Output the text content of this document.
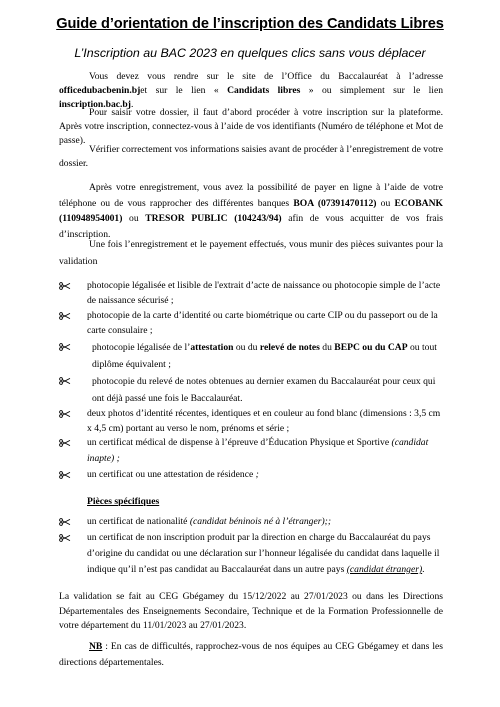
Guide d’orientation de l’inscription des Candidats Libres
L’Inscription au BAC 2023 en quelques clics sans vous déplacer
Vous devez vous rendre sur le site de l’Office du Baccalauréat à l’adresse officedubacbenin.bjet sur le lien « Candidats libres » ou simplement sur le lien inscription.bac.bj.
Pour saisir votre dossier, il faut d’abord procéder à votre inscription sur la plateforme. Après votre inscription, connectez-vous à l’aide de vos identifiants (Numéro de téléphone et Mot de passe).
Vérifier correctement vos informations saisies avant de procéder à l’enregistrement de votre dossier.
Après votre enregistrement, vous avez la possibilité de payer en ligne à l’aide de votre téléphone ou de vous rapprocher des différentes banques BOA (07391470112) ou ECOBANK (110948954001) ou TRESOR PUBLIC (104243/94) afin de vous acquitter de vos frais d’inscription.
Une fois l’enregistrement et le payement effectués, vous munir des pièces suivantes pour la validation
photocopie légalisée et lisible de l'extrait d’acte de naissance ou photocopie simple de l’acte de naissance sécurisé ;
photocopie de la carte d’identité ou carte biométrique ou carte CIP ou du passeport ou de la carte consulaire ;
photocopie légalisée de l’attestation ou du relevé de notes du BEPC ou du CAP ou tout diplôme équivalent ;
photocopie du relevé de notes obtenues au dernier examen du Baccalauréat pour ceux qui ont déjà passé une fois le Baccalauréat.
deux photos d’identité récentes, identiques et en couleur au fond blanc (dimensions : 3,5 cm x 4,5 cm) portant au verso le nom, prénoms et série ;
un certificat médical de dispense à l’épreuve d’Éducation Physique et Sportive (candidat inapte) ;
un certificat ou une attestation de résidence ;
Pièces spécifiques
un certificat de nationalité (candidat béninois né à l’étranger);;
un certificat de non inscription produit par la direction en charge du Baccalauréat du pays d’origine du candidat ou une déclaration sur l’honneur légalisée du candidat dans laquelle il indique qu’il n’est pas candidat au Baccalauréat dans un autre pays (candidat étranger).
La validation se fait au CEG Gbégamey du 15/12/2022 au 27/01/2023 ou dans les Directions Départementales des Enseignements Secondaire, Technique et de la Formation Professionnelle de votre département du 11/01/2023 au 27/01/2023.
NB : En cas de difficultés, rapprochez-vous de nos équipes au CEG Gbégamey et dans les directions départementales.
